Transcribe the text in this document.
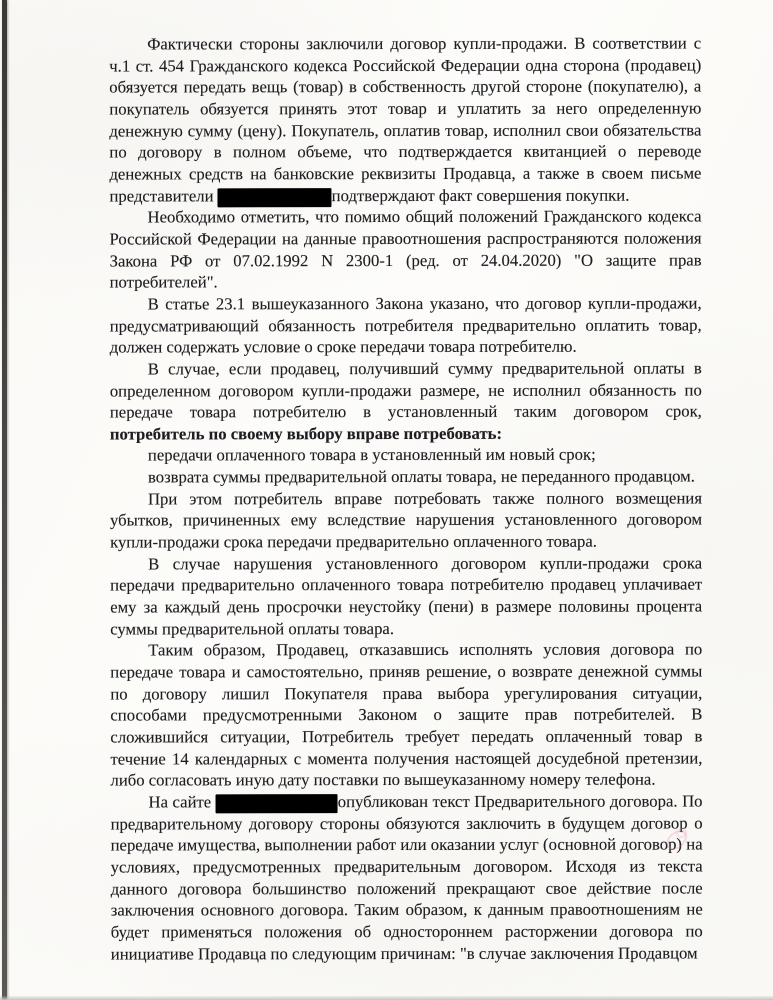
Фактически стороны заключили договор купли-продажи. В соответствии с ч.1 ст. 454 Гражданского кодекса Российской Федерации одна сторона (продавец) обязуется передать вещь (товар) в собственность другой стороне (покупателю), а покупатель обязуется принять этот товар и уплатить за него определенную денежную сумму (цену). Покупатель, оплатив товар, исполнил свои обязательства по договору в полном объеме, что подтверждается квитанцией о переводе денежных средств на банковские реквизиты Продавца, а также в своем письме представители	подтверждают факт совершения покупки.

Необходимо отметить, что помимо общий положений Гражданского кодекса Российской Федерации на данные правоотношения распространяются положения Закона РФ от 07.02.1992 N 2300-1 (ред. от 24.04.2020) "О защите прав потребителей".

В статье 23.1 вышеуказанного Закона указано, что договор купли-продажи, предусматривающий обязанность потребителя предварительно оплатить товар, должен содержать условие о сроке передачи товара потребителю.

В случае, если продавец, получивший сумму предварительной оплаты в определенном договором купли-продажи размере, не исполнил обязанность по передаче товара потребителю в установленный таким договором срок, потребитель по своему выбору вправе потребовать:

передачи оплаченного товара в установленный им новый срок;

возврата суммы предварительной оплаты товара, не переданного продавцом.

При этом потребитель вправе потребовать также полного возмещения убытков, причиненных ему вследствие нарушения установленного договором купли-продажи срока передачи предварительно оплаченного товара.

В случае нарушения установленного договором купли-продажи срока передачи предварительно оплаченного товара потребителю продавец уплачивает ему за каждый день просрочки неустойку (пени) в размере половины процента суммы предварительной оплаты товара.

Таким образом, Продавец, отказавшись исполнять условия договора по передаче товара и самостоятельно, приняв решение, о возврате денежной суммы по договору лишил Покупателя права выбора урегулирования ситуации, способами предусмотренными Законом о защите прав потребителей. В сложившийся ситуации, Потребитель требует передать оплаченный товар в течение 14 календарных с момента получения настоящей досудебной претензии, либо согласовать иную дату поставки по вышеуказанному номеру телефона.

На сайте	опубликован текст Предварительного договора. По предварительному договору стороны обязуются заключить в будущем договор о передаче имущества, выполнении работ или оказании услуг (основной договор) на условиях, предусмотренных предварительным договором. Исходя из текста данного договора большинство положений прекращают свое действие после заключения основного договора. Таким образом, к данным правоотношениям не будет применяться положения об одностороннем расторжении договора по инициативе Продавца по следующим причинам: "в случае заключения Продавцом
